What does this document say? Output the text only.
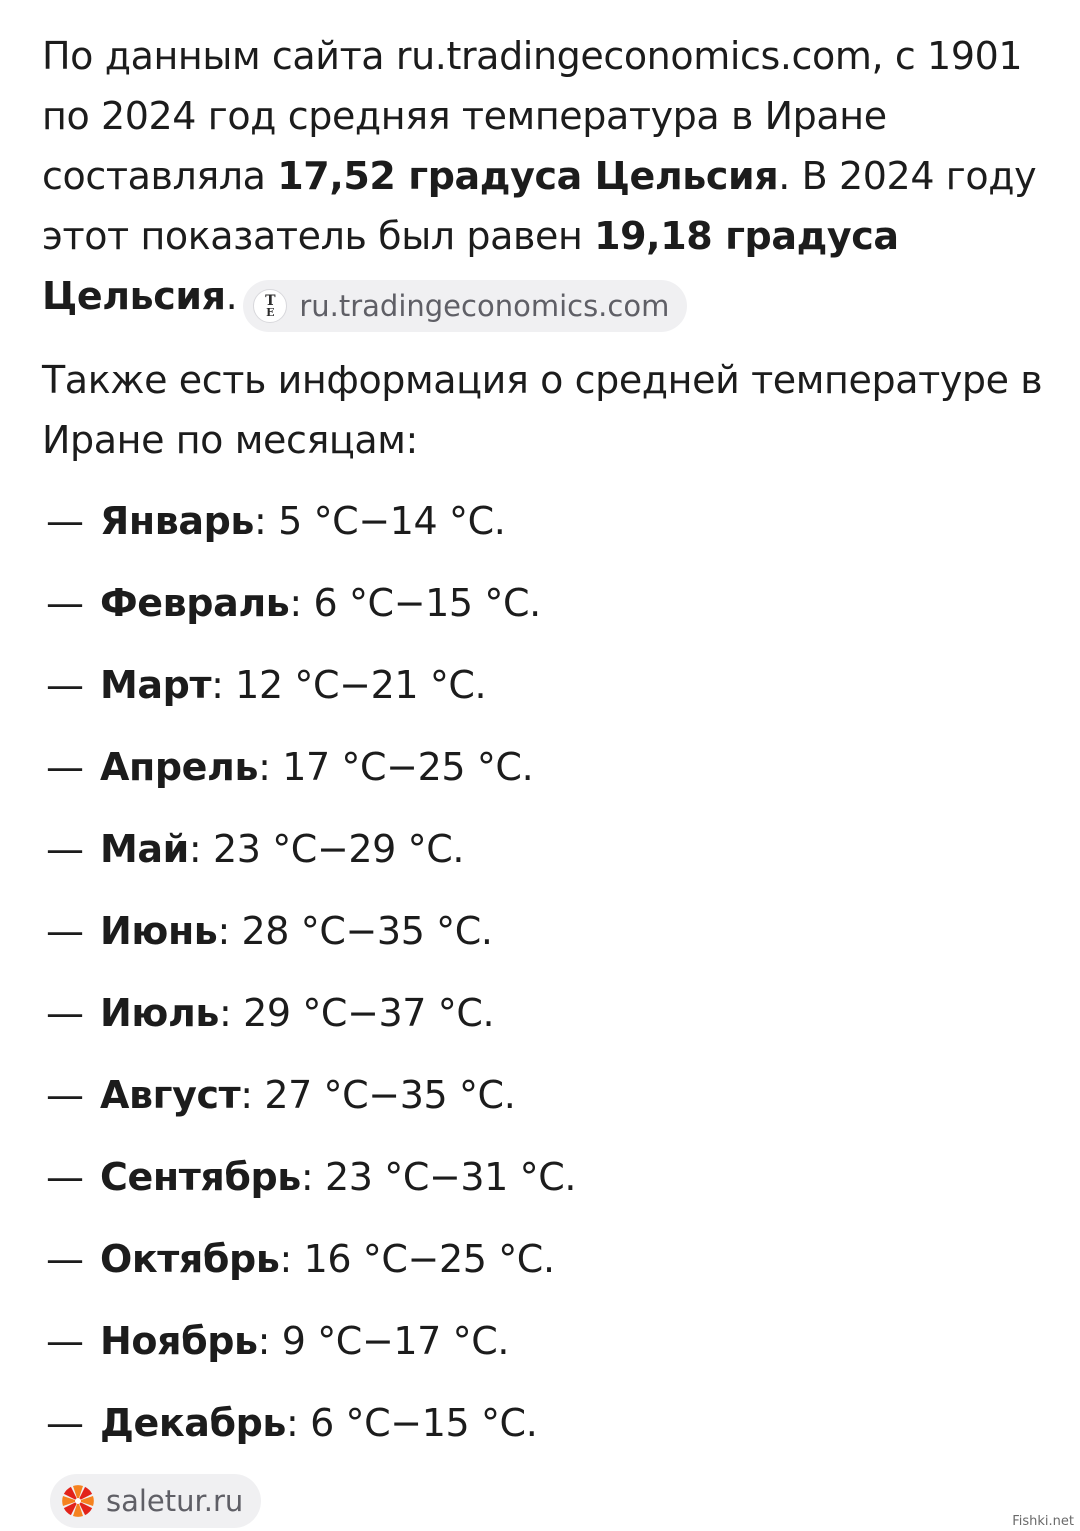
По данным сайта ru.tradingeconomics.com, с 1901 по 2024 год средняя температура в Иране составляла 17,52 градуса Цельсия. В 2024 году этот показатель был равен 19,18 градуса Цельсия. T
E ru.tradingeconomics.com

Также есть информация о средней температуре в Иране по месяцам:

— Январь: 5 °C−14 °C.
— Февраль: 6 °C−15 °C.
— Март: 12 °C−21 °C.
— Апрель: 17 °C−25 °C.
— Май: 23 °C−29 °C.
— Июнь: 28 °C−35 °C.
— Июль: 29 °C−37 °C.
— Август: 27 °C−35 °C.
— Сентябрь: 23 °C−31 °C.
— Октябрь: 16 °C−25 °C.
— Ноябрь: 9 °C−17 °C.
— Декабрь: 6 °C−15 °C.
saletur.ru
Fishki.net
